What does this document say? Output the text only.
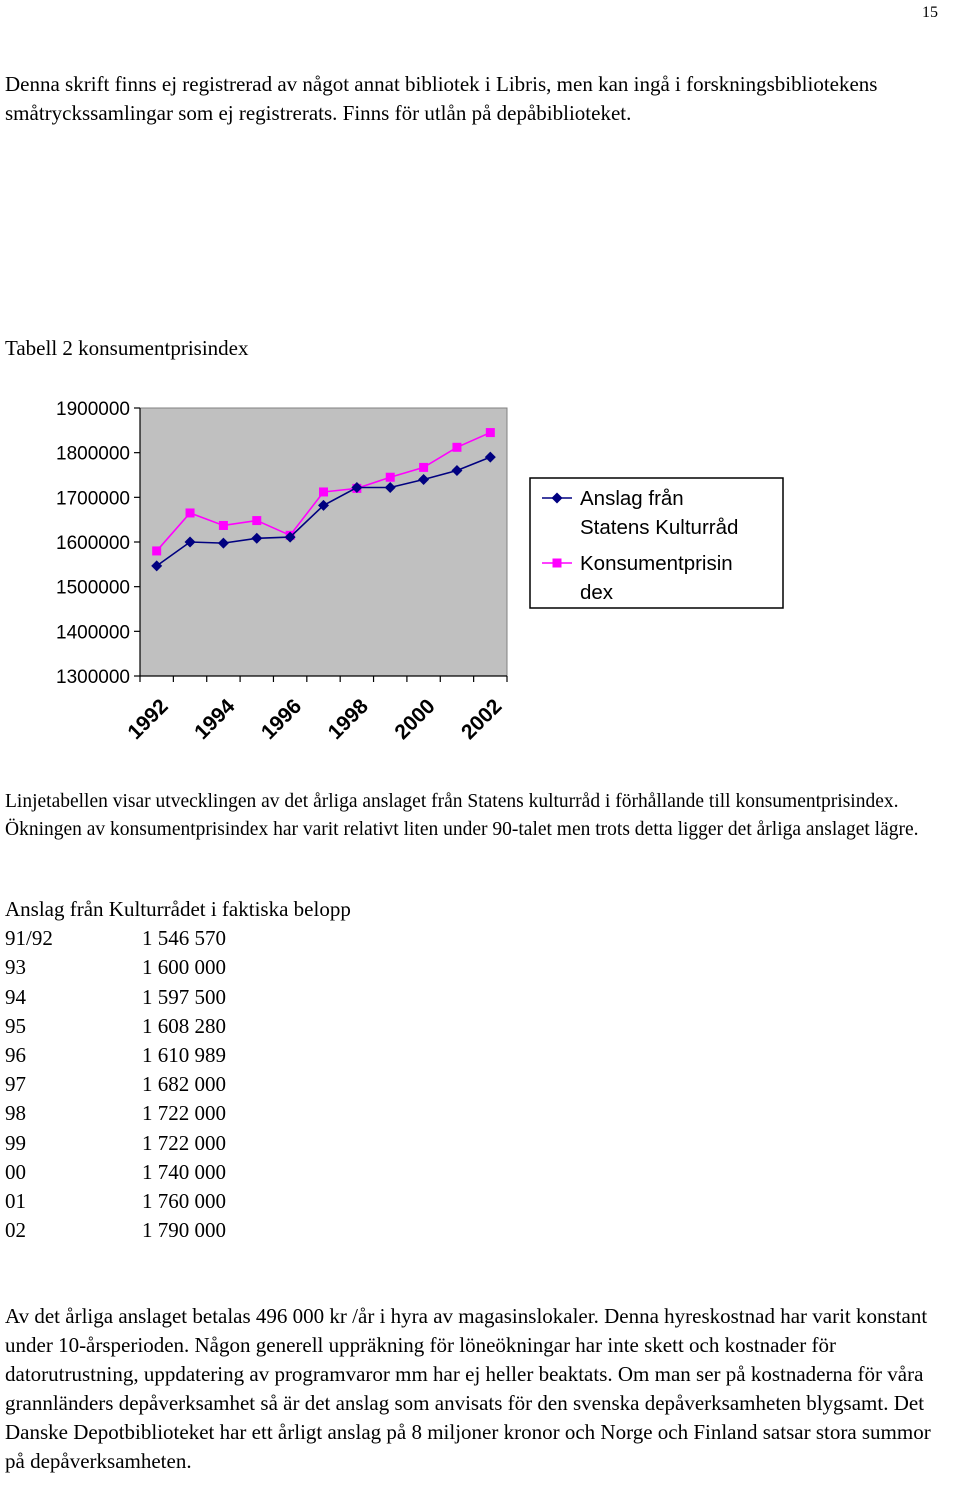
15
Denna skrift finns ej registrerad av något annat bibliotek i Libris, men kan ingå i forskningsbibliotekens småtryckssamlingar som ej registrerats. Finns för utlån på depåbiblioteket.
Tabell 2 konsumentprisindex
1900000
1800000
1700000
1600000
1500000
1400000
1300000
1992 1994 1996 1998 2000 2002
Anslag från
Statens Kulturråd
Konsumentprisin
dex
Linjetabellen visar utvecklingen av det årliga anslaget från Statens kulturråd i förhållande till konsumentprisindex. Ökningen av konsumentprisindex har varit relativt liten under 90-talet men trots detta ligger det årliga anslaget lägre.
Anslag från Kulturrådet i faktiska belopp
91/92	1 546 570
93	1 600 000
94	1 597 500
95	1 608 280
96	1 610 989
97	1 682 000
98	1 722 000
99	1 722 000
00	1 740 000
01	1 760 000
02	1 790 000
Av det årliga anslaget betalas 496 000 kr /år i hyra av magasinslokaler. Denna hyreskostnad har varit konstant under 10-årsperioden. Någon generell uppräkning för löneökningar har inte skett och kostnader för datorutrustning, uppdatering av programvaror mm har ej heller beaktats. Om man ser på kostnaderna för våra grannländers depåverksamhet så är det anslag som anvisats för den svenska depåverksamheten blygsamt. Det Danske Depotbiblioteket har ett årligt anslag på 8 miljoner kronor och Norge och Finland satsar stora summor på depåverksamheten.
